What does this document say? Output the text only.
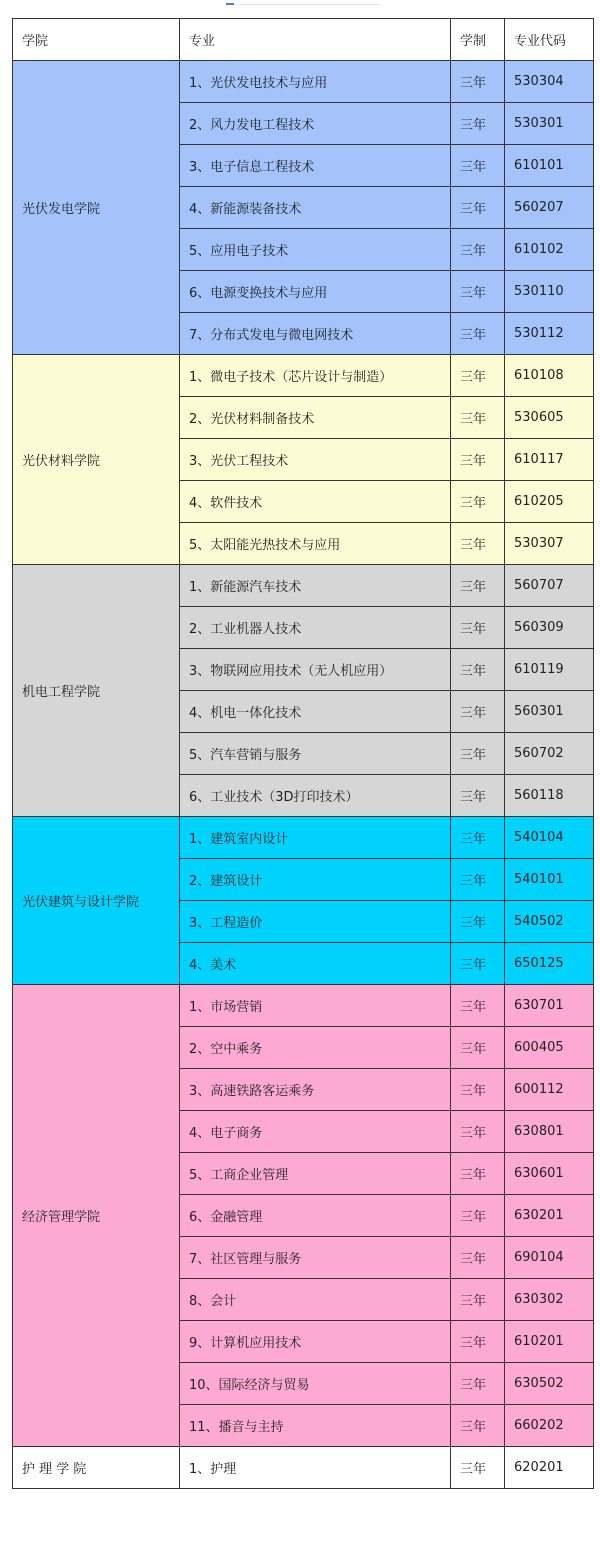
学院	专业	学制	专业代码
光伏发电学院	1、光伏发电技术与应用	三年	530304
	2、风力发电工程技术	三年	530301
	3、电子信息工程技术	三年	610101
	4、新能源装备技术	三年	560207
	5、应用电子技术	三年	610102
	6、电源变换技术与应用	三年	530110
	7、分布式发电与微电网技术	三年	530112
光伏材料学院	1、微电子技术（芯片设计与制造）	三年	610108
	2、光伏材料制备技术	三年	530605
	3、光伏工程技术	三年	610117
	4、软件技术	三年	610205
	5、太阳能光热技术与应用	三年	530307
机电工程学院	1、新能源汽车技术	三年	560707
	2、工业机器人技术	三年	560309
	3、物联网应用技术（无人机应用）	三年	610119
	4、机电一体化技术	三年	560301
	5、汽车营销与服务	三年	560702
	6、工业技术（3D打印技术）	三年	560118
光伏建筑与设计学院	1、建筑室内设计	三年	540104
	2、建筑设计	三年	540101
	3、工程造价	三年	540502
	4、美术	三年	650125
经济管理学院	1、市场营销	三年	630701
	2、空中乘务	三年	600405
	3、高速铁路客运乘务	三年	600112
	4、电子商务	三年	630801
	5、工商企业管理	三年	630601
	6、金融管理	三年	630201
	7、社区管理与服务	三年	690104
	8、会计	三年	630302
	9、计算机应用技术	三年	610201
	10、国际经济与贸易	三年	630502
	11、播音与主持	三年	660202
护 理 学 院	1、护理	三年	620201
